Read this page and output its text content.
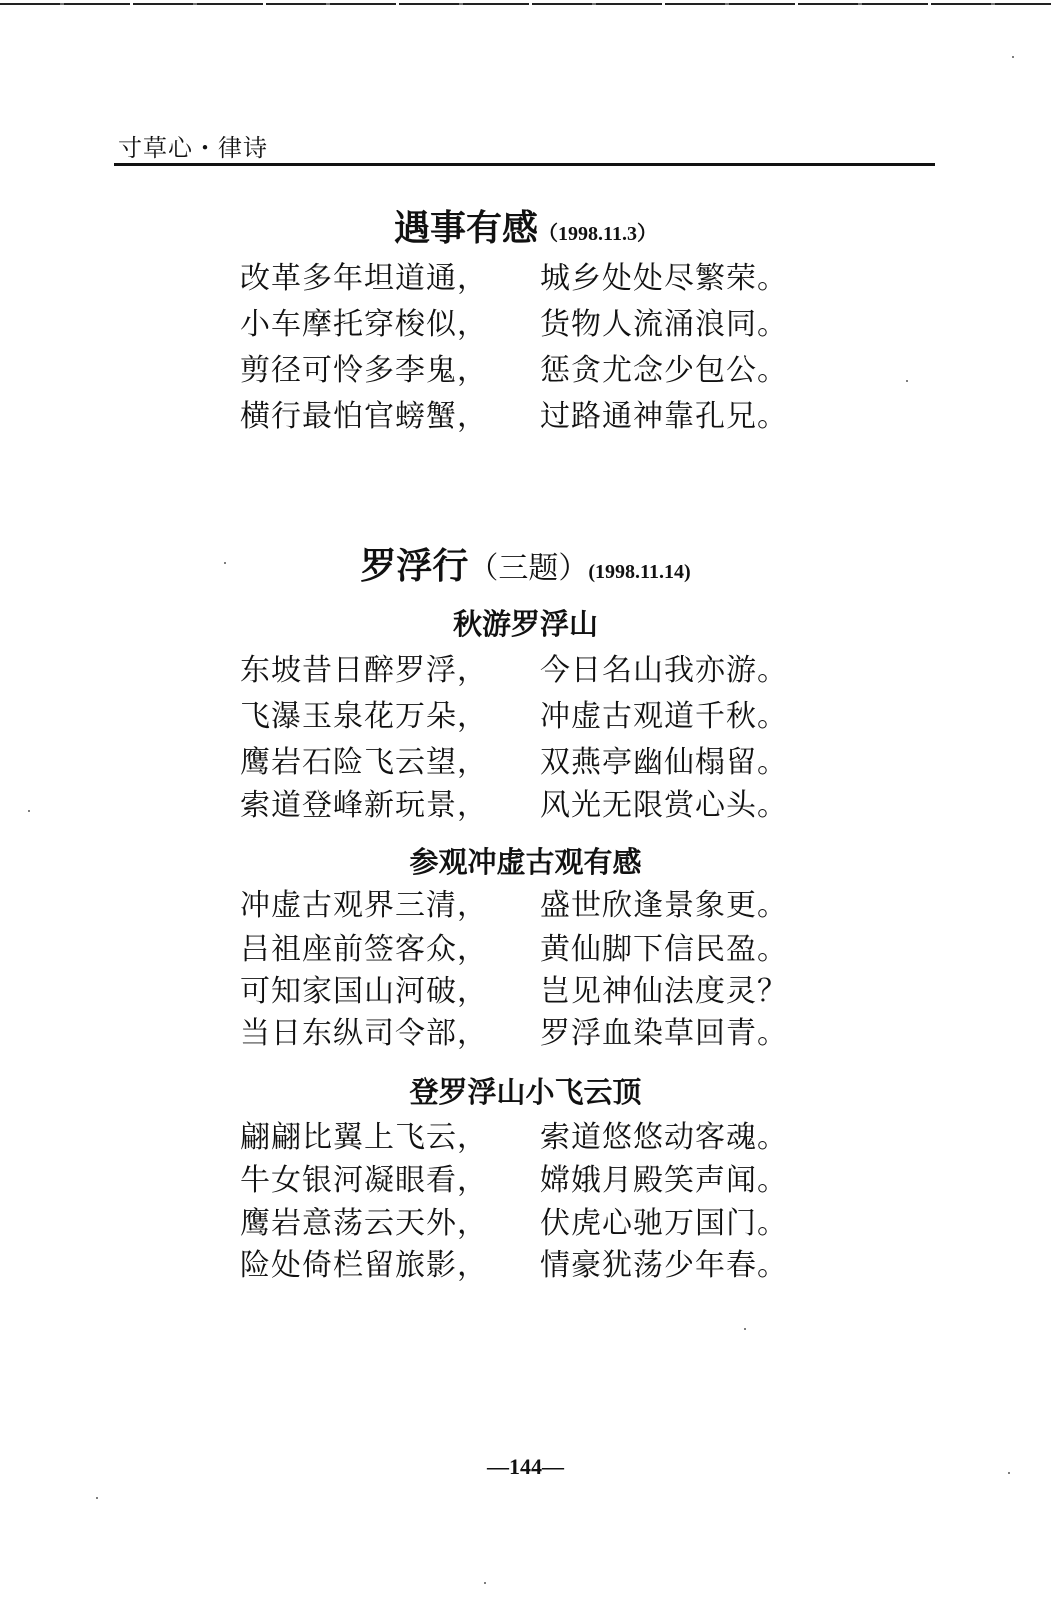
寸草心・律诗
遇事有感（1998.11.3）
改革多年坦道通， 城乡处处尽繁荣。
小车摩托穿梭似， 货物人流涌浪同。
剪径可怜多李鬼， 惩贪尤念少包公。
横行最怕官螃蟹， 过路通神靠孔兄。
罗浮行（三题）(1998.11.14)
秋游罗浮山
东坡昔日醉罗浮， 今日名山我亦游。
飞瀑玉泉花万朵， 冲虚古观道千秋。
鹰岩石险飞云望， 双燕亭幽仙榻留。
索道登峰新玩景， 风光无限赏心头。
参观冲虚古观有感
冲虚古观界三清， 盛世欣逢景象更。
吕祖座前签客众， 黄仙脚下信民盈。
可知家国山河破， 岂见神仙法度灵？
当日东纵司令部， 罗浮血染草回青。
登罗浮山小飞云顶
翩翩比翼上飞云， 索道悠悠动客魂。
牛女银河凝眼看， 嫦娥月殿笑声闻。
鹰岩意荡云天外， 伏虎心驰万国门。
险处倚栏留旅影， 情豪犹荡少年春。
—144—
